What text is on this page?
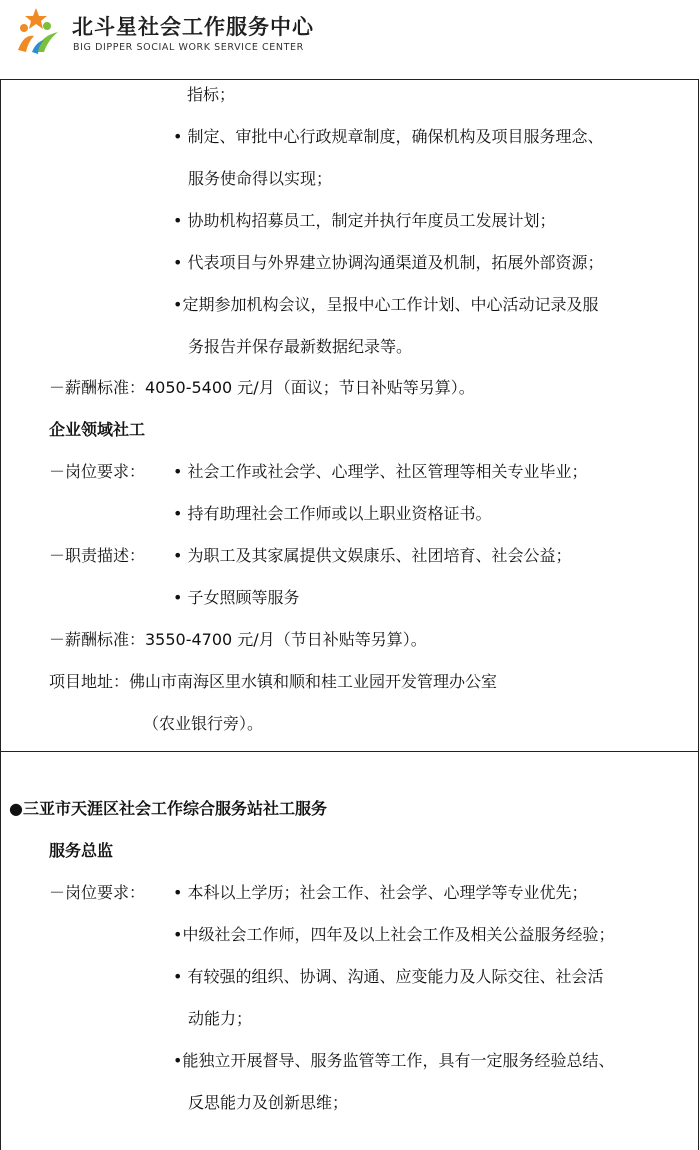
北斗星社会工作服务中心
BIG DIPPER SOCIAL WORK SERVICE CENTER
指标；
• 制定、审批中心行政规章制度，确保机构及项目服务理念、
服务使命得以实现；
• 协助机构招募员工，制定并执行年度员工发展计划；
• 代表项目与外界建立协调沟通渠道及机制，拓展外部资源；
•定期参加机构会议，呈报中心工作计划、中心活动记录及服
务报告并保存最新数据纪录等。
－薪酬标准：4050-5400 元/月（面议；节日补贴等另算）。
企业领域社工
－岗位要求： • 社会工作或社会学、心理学、社区管理等相关专业毕业；
• 持有助理社会工作师或以上职业资格证书。
－职责描述： • 为职工及其家属提供文娱康乐、社团培育、社会公益；
• 子女照顾等服务
－薪酬标准：3550-4700 元/月（节日补贴等另算）。
项目地址：佛山市南海区里水镇和顺和桂工业园开发管理办公室
（农业银行旁）。
●三亚市天涯区社会工作综合服务站社工服务
服务总监
－岗位要求： • 本科以上学历；社会工作、社会学、心理学等专业优先；
•中级社会工作师，四年及以上社会工作及相关公益服务经验；
• 有较强的组织、协调、沟通、应变能力及人际交往、社会活
动能力；
•能独立开展督导、服务监管等工作，具有一定服务经验总结、
反思能力及创新思维；
